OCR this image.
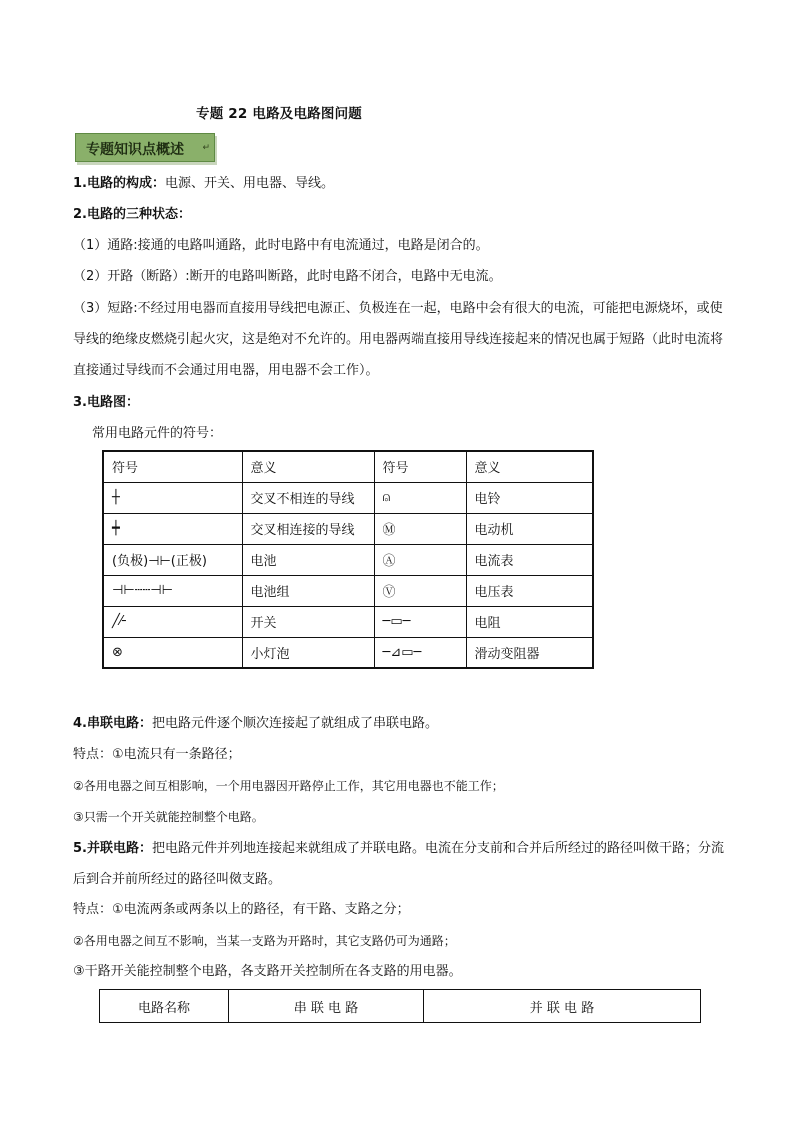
专题 22 电路及电路图问题
专题知识点概述 ↵
1.电路的构成：电源、开关、用电器、导线。
2.电路的三种状态：
（1）通路:接通的电路叫通路，此时电路中有电流通过，电路是闭合的。
（2）开路（断路）:断开的电路叫断路，此时电路不闭合，电路中无电流。
（3）短路:不经过用电器而直接用导线把电源正、负极连在一起，电路中会有很大的电流，可能把电源烧坏，或使导线的绝缘皮燃烧引起火灾，这是绝对不允许的。用电器两端直接用导线连接起来的情况也属于短路（此时电流将直接通过导线而不会通过用电器，用电器不会工作）。
3.电路图：
常用电路元件的符号：
符号	意义	符号	意义
┼	交叉不相连的导线	⍝	电铃
┿	交叉相连接的导线	Ⓜ	电动机
(负极)⊣⊢(正极)	电池	Ⓐ	电流表
⊣⊢┄┄⊣⊢	电池组	Ⓥ	电压表
╱⁄╴	开关	─▭─	电阻
⊗	小灯泡	─⊿▭─	滑动变阻器
4.串联电路：把电路元件逐个顺次连接起了就组成了串联电路。
特点：①电流只有一条路径；
②各用电器之间互相影响，一个用电器因开路停止工作，其它用电器也不能工作；
③只需一个开关就能控制整个电路。
5.并联电路：把电路元件并列地连接起来就组成了并联电路。电流在分支前和合并后所经过的路径叫傚干路；分流后到合并前所经过的路径叫傚支路。
特点：①电流两条或两条以上的路径，有干路、支路之分；
②各用电器之间互不影响，当某一支路为开路时，其它支路仍可为通路；
③干路开关能控制整个电路，各支路开关控制所在各支路的用电器。
电路名称	串 联 电 路	并 联 电 路
